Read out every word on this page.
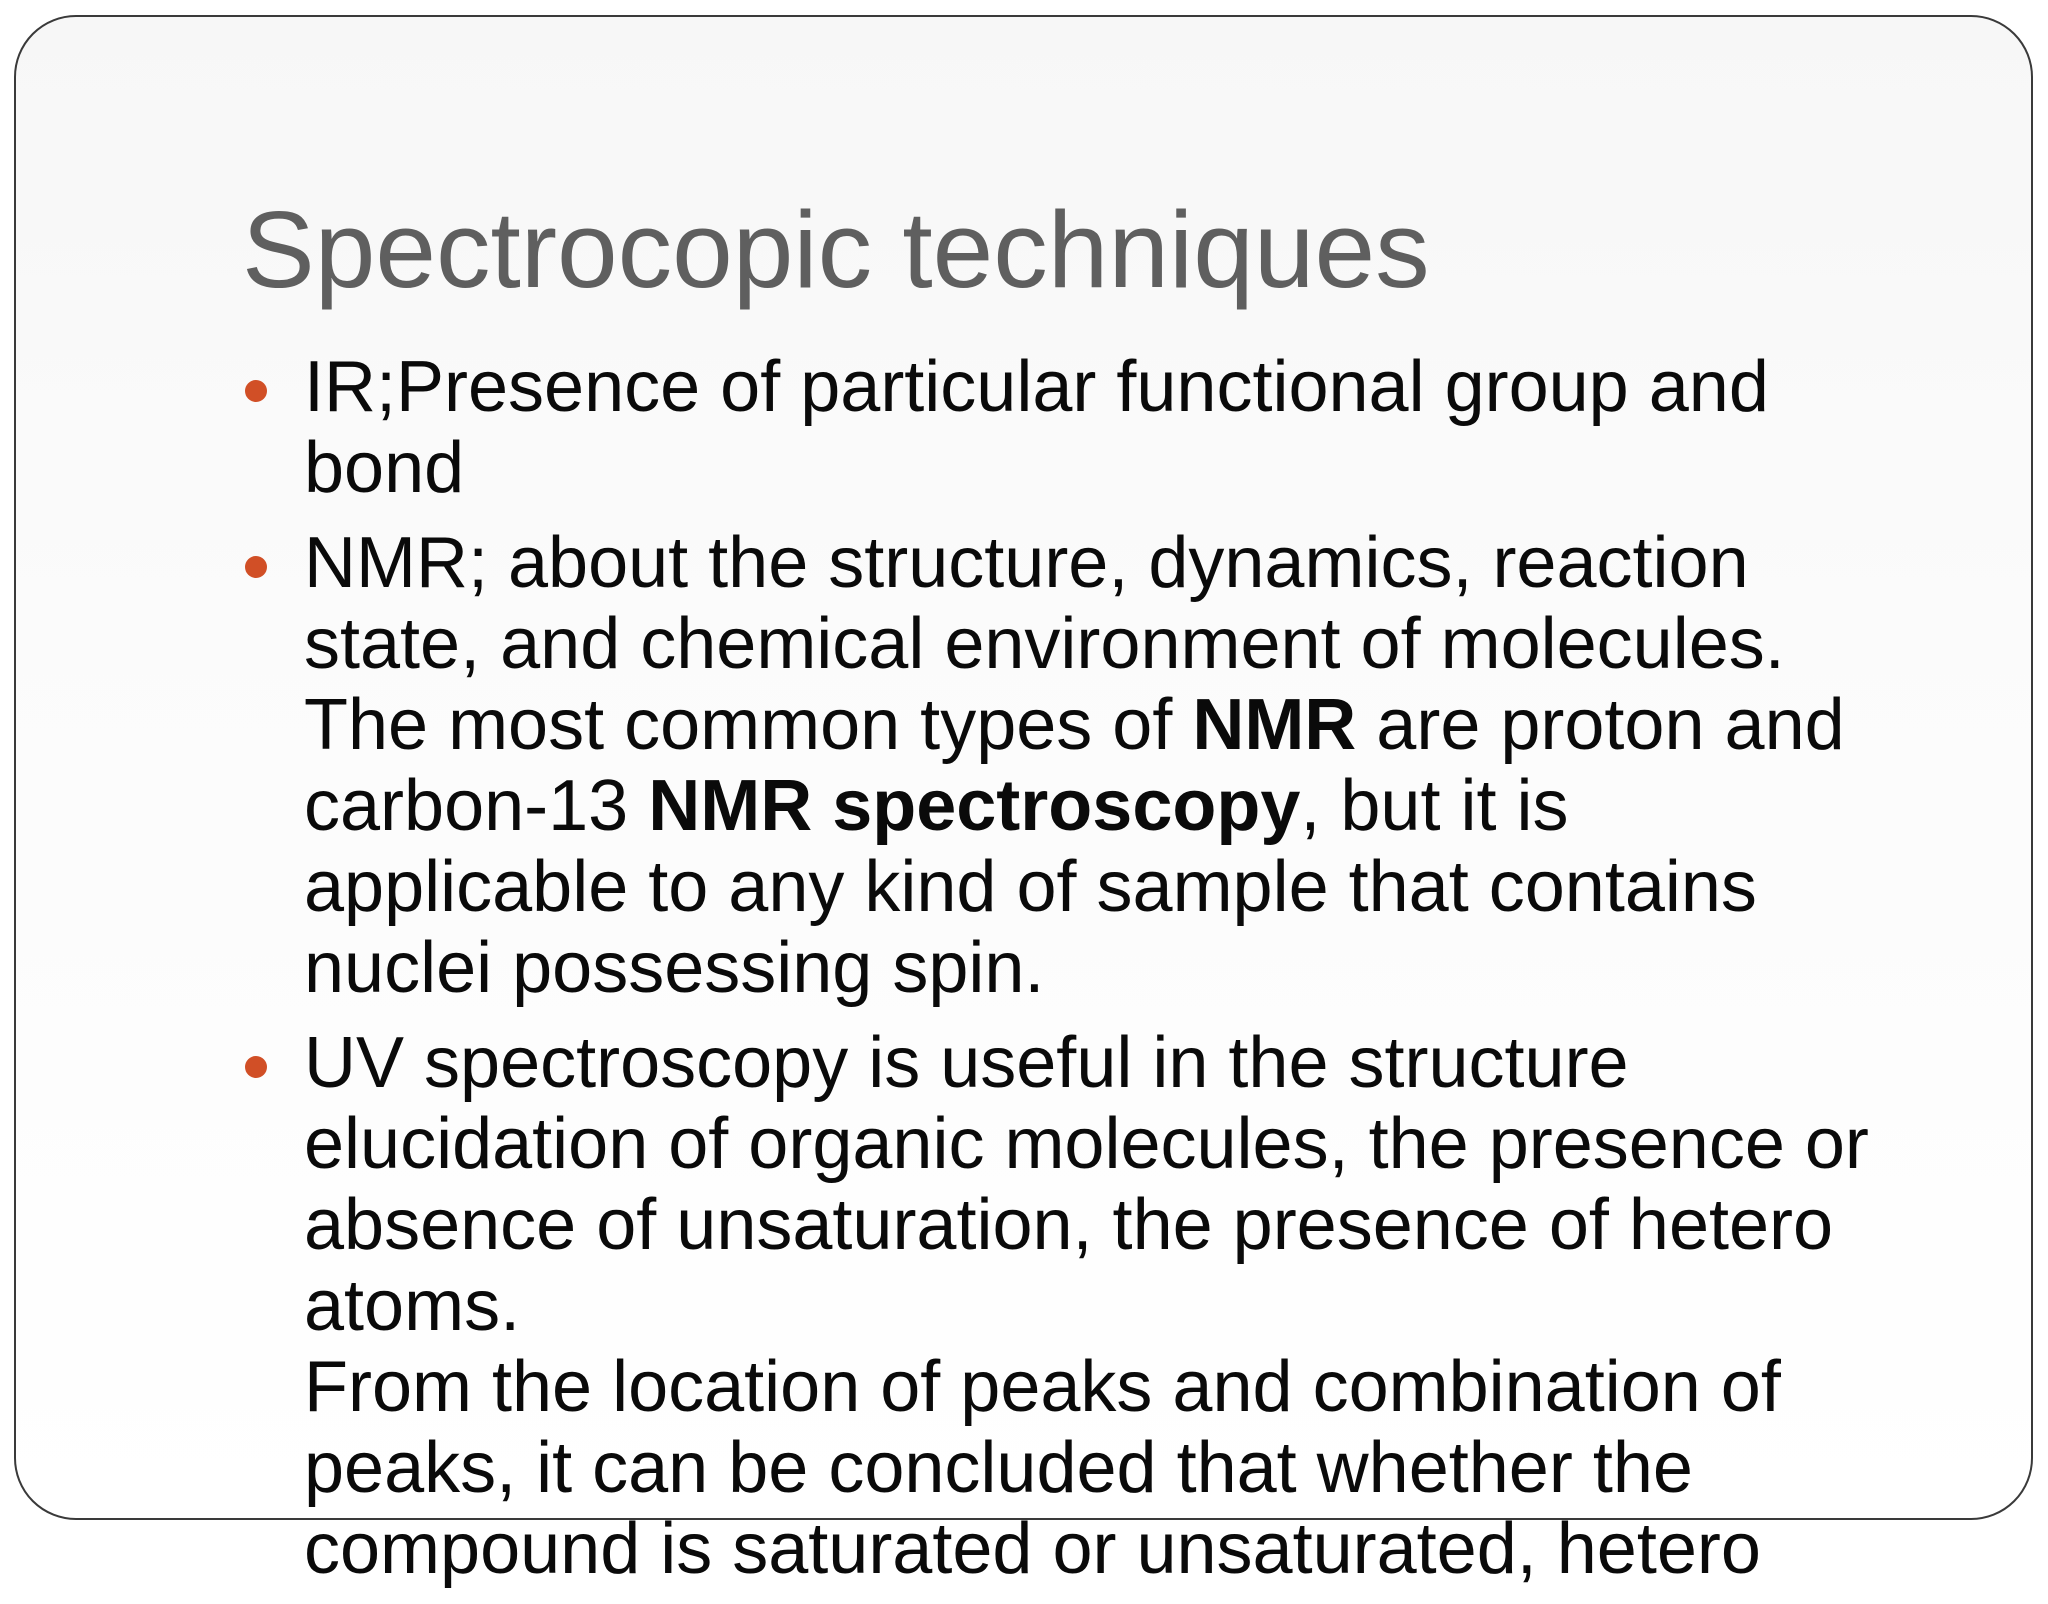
Spectrocopic techniques
IR;Presence of particular functional group and
bond
NMR; about the structure, dynamics, reaction
state, and chemical environment of molecules.
The most common types of NMR are proton and
carbon-13 NMR spectroscopy, but it is
applicable to any kind of sample that contains
nuclei possessing spin.
UV spectroscopy is useful in the structure
elucidation of organic molecules, the presence or
absence of unsaturation, the presence of hetero
atoms.
From the location of peaks and combination of
peaks, it can be concluded that whether the
compound is saturated or unsaturated, hetero
